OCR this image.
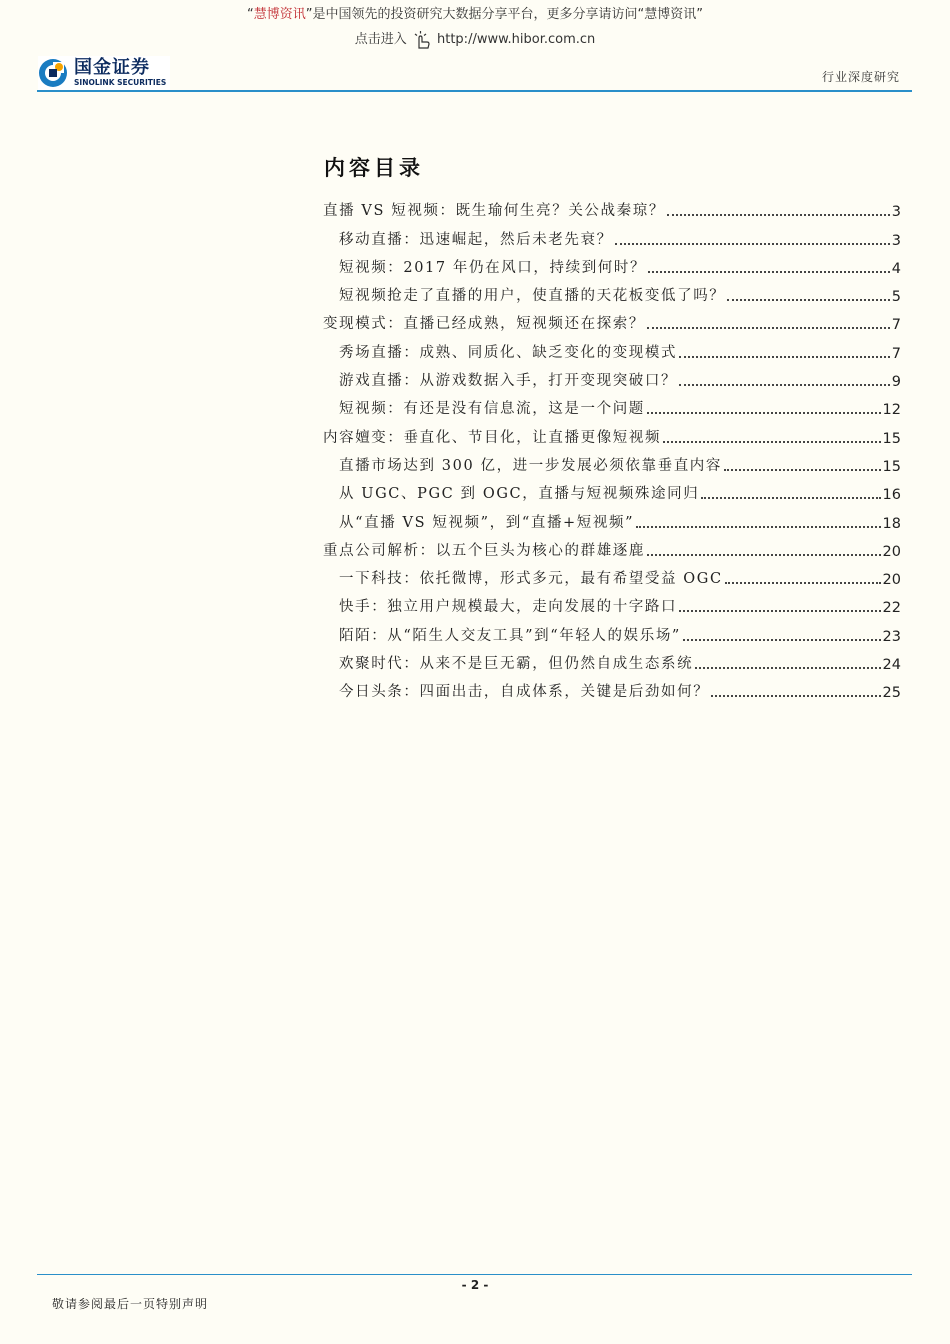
“慧博资讯”是中国领先的投资研究大数据分享平台，更多分享请访问“慧博资讯”
点击进入 http://www.hibor.com.cn
国金证券
SINOLINK SECURITIES	行业深度研究
内容目录
直播 VS 短视频：既生瑜何生亮？关公战秦琼？	3
移动直播：迅速崛起，然后未老先衰？	3
短视频：2017 年仍在风口，持续到何时？	4
短视频抢走了直播的用户，使直播的天花板变低了吗？	5
变现模式：直播已经成熟，短视频还在探索？	7
秀场直播：成熟、同质化、缺乏变化的变现模式	7
游戏直播：从游戏数据入手，打开变现突破口？	9
短视频：有还是没有信息流，这是一个问题	12
内容嬗变：垂直化、节目化，让直播更像短视频	15
直播市场达到 300 亿，进一步发展必须依靠垂直内容	15
从 UGC、PGC 到 OGC，直播与短视频殊途同归	16
从“直播 VS 短视频”，到“直播+短视频”	18
重点公司解析：以五个巨头为核心的群雄逐鹿	20
一下科技：依托微博，形式多元，最有希望受益 OGC	20
快手：独立用户规模最大，走向发展的十字路口	22
陌陌：从“陌生人交友工具”到“年轻人的娱乐场”	23
欢聚时代：从来不是巨无霸，但仍然自成生态系统	24
今日头条：四面出击，自成体系，关键是后劲如何？	25
- 2 -
敬请参阅最后一页特别声明
